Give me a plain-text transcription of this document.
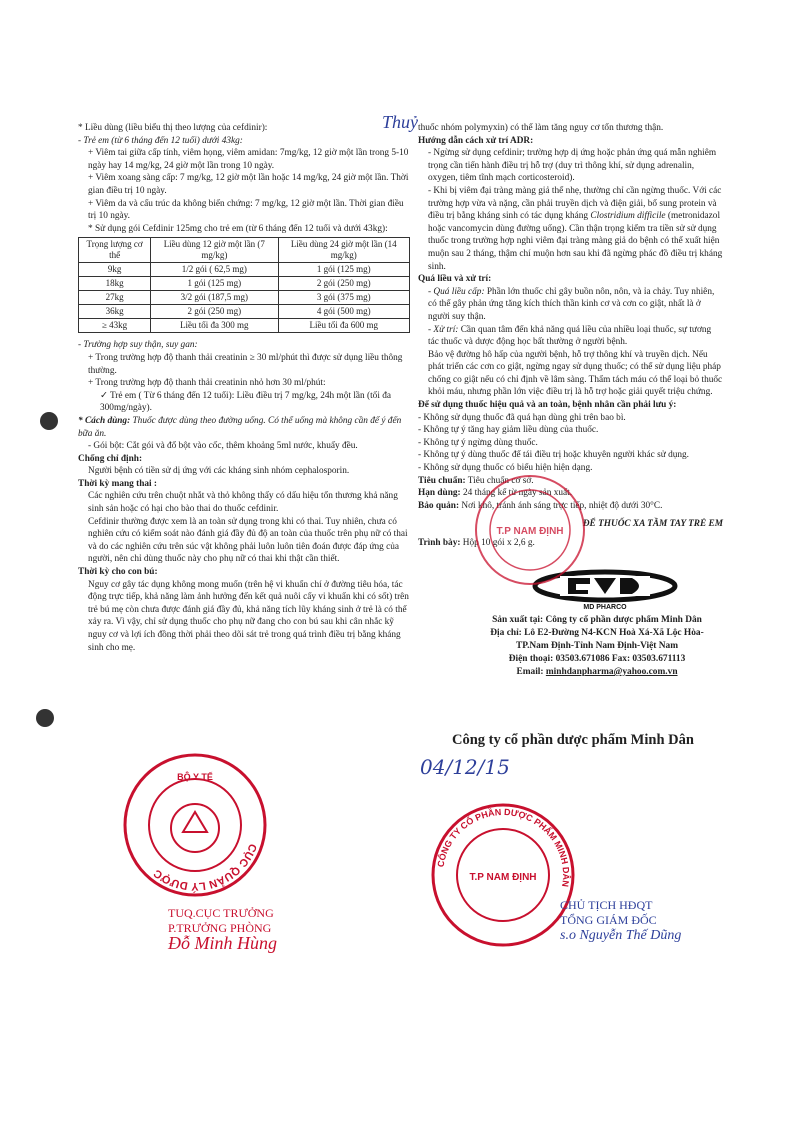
Thuỷ

* Liều dùng (liều biểu thị theo lượng của cefdinir):

- Trẻ em (từ 6 tháng đến 12 tuổi) dưới 43kg:

+ Viêm tai giữa cấp tính, viêm họng, viêm amidan: 7mg/kg, 12 giờ một lần trong 5-10 ngày hay 14 mg/kg, 24 giờ một lần trong 10 ngày.

+ Viêm xoang sàng cấp: 7 mg/kg, 12 giờ một lần hoặc 14 mg/kg, 24 giờ một lần. Thời gian điều trị 10 ngày.

+ Viêm da và cấu trúc da không biến chứng: 7 mg/kg, 12 giờ một lần. Thời gian điều trị 10 ngày.

* Sử dụng gói Cefdinir 125mg cho trẻ em (từ 6 tháng đến 12 tuổi và dưới 43kg):

Trọng lượng cơ thể	Liều dùng 12 giờ một lần (7 mg/kg)	Liều dùng 24 giờ một lần (14 mg/kg)
9kg	1/2 gói ( 62,5 mg)	1 gói (125 mg)
18kg	1 gói (125 mg)	2 gói (250 mg)
27kg	3/2 gói (187,5 mg)	3 gói (375 mg)
36kg	2 gói (250 mg)	4 gói (500 mg)
≥ 43kg	Liều tối đa 300 mg	Liều tối đa 600 mg

- Trường hợp suy thận, suy gan:

+ Trong trường hợp độ thanh thải creatinin ≥ 30 ml/phút thì được sử dụng liều thông thường.

+ Trong trường hợp độ thanh thải creatinin nhỏ hơn 30 ml/phút:

✓ Trẻ em ( Từ 6 tháng đến 12 tuổi): Liều điều trị 7 mg/kg, 24h một lần (tối đa 300mg/ngày).

* Cách dùng: Thuốc được dùng theo đường uống. Có thể uống mà không cần để ý đến bữa ăn.

- Gói bột: Cắt gói và đổ bột vào cốc, thêm khoảng 5ml nước, khuấy đều.

Chống chỉ định:

Người bệnh có tiền sử dị ứng với các kháng sinh nhóm cephalosporin.

Thời kỳ mang thai :

Các nghiên cứu trên chuột nhắt và thỏ không thấy có dấu hiệu tổn thương khả năng sinh sản hoặc có hại cho bào thai do thuốc cefdinir.

Cefdinir thường được xem là an toàn sử dụng trong khi có thai. Tuy nhiên, chưa có nghiên cứu có kiểm soát nào đánh giá đầy đủ độ an toàn của thuốc trên phụ nữ có thai và do các nghiên cứu trên súc vật không phải luôn luôn tiên đoán được đáp ứng của người, nên chỉ dùng thuốc này cho phụ nữ có thai khi thật cần thiết.

Thời kỳ cho con bú:

Nguy cơ gây tác dụng không mong muốn (trên hệ vi khuẩn chí ở đường tiêu hóa, tác động trực tiếp, khả năng làm ảnh hưởng đến kết quả nuôi cấy vi khuẩn khi có sốt) trên trẻ bú mẹ còn chưa được đánh giá đầy đủ, khả năng tích lũy kháng sinh ở trẻ là có thể xảy ra. Vì vậy, chỉ sử dụng thuốc cho phụ nữ đang cho con bú sau khi cân nhắc kỹ nguy cơ và lợi ích đồng thời phải theo dõi sát trẻ trong quá trình điều trị bằng kháng sinh cho mẹ.

thuốc nhóm polymyxin) có thể làm tăng nguy cơ tổn thương thận.

Hướng dẫn cách xử trí ADR:

- Ngừng sử dụng cefdinir; trường hợp dị ứng hoặc phản ứng quá mẫn nghiêm trọng cần tiến hành điều trị hỗ trợ (duy trì thông khí, sử dụng adrenalin, oxygen, tiêm tĩnh mạch corticosteroid).

- Khi bị viêm đại tràng màng giả thể nhẹ, thường chỉ cần ngừng thuốc. Với các trường hợp vừa và nặng, cần phải truyền dịch và điện giải, bổ sung protein và điều trị bằng kháng sinh có tác dụng kháng Clostridium difficile (metronidazol hoặc vancomycin dùng đường uống). Cần thận trọng kiểm tra tiền sử sử dụng thuốc trong trường hợp nghi viêm đại tràng màng giả do bệnh có thể xuất hiện muộn sau 2 tháng, thậm chí muộn hơn sau khi đã ngừng phác đồ điều trị kháng sinh.

Quá liều và xử trí:

- Quá liều cấp: Phần lớn thuốc chỉ gây buồn nôn, nôn, và ỉa chảy. Tuy nhiên, có thể gây phản ứng tăng kích thích thần kinh cơ và cơn co giật, nhất là ở người suy thận.

- Xử trí: Cần quan tâm đến khả năng quá liều của nhiều loại thuốc, sự tương tác thuốc và dược động học bất thường ở người bệnh.

Bảo vệ đường hô hấp của người bệnh, hỗ trợ thông khí và truyền dịch. Nếu phát triển các cơn co giật, ngừng ngay sử dụng thuốc; có thể sử dụng liệu pháp chống co giật nếu có chỉ định về lâm sàng. Thẩm tách máu có thể loại bỏ thuốc khỏi máu, nhưng phần lớn việc điều trị là hỗ trợ hoặc giải quyết triệu chứng.

Để sử dụng thuốc hiệu quả và an toàn, bệnh nhân cần phải lưu ý:

- Không sử dụng thuốc đã quá hạn dùng ghi trên bao bì.

- Không tự ý tăng hay giảm liều dùng của thuốc.

- Không tự ý ngừng dùng thuốc.

- Không tự ý dùng thuốc để tái điều trị hoặc khuyên người khác sử dụng.

- Không sử dụng thuốc có biểu hiện hiện dạng.

Tiêu chuẩn: Tiêu chuẩn cơ sở.

Hạn dùng: 24 tháng kể từ ngày sản xuất.

Bảo quản: Nơi khô, tránh ánh sáng trực tiếp, nhiệt độ dưới 30°C.

ĐỂ THUỐC XA TẦM TAY TRẺ EM

Trình bày: Hộp 10 gói x 2,6 g.

MD PHARCO
Sản xuất tại: Công ty cổ phần dược phẩm Minh Dân
Địa chỉ: Lô E2-Đường N4-KCN Hoà Xá-Xã Lộc Hòa-
TP.Nam Định-Tỉnh Nam Định-Việt Nam
Điện thoại: 03503.671086 Fax: 03503.671113
Email: minhdanpharma@yahoo.com.vn
T.P NAM ĐỊNH
Công ty cổ phần dược phẩm Minh Dân
04/12/15
CỤC QUẢN LÝ DƯỢC
BỘ Y TẾ
CÔNG TY CỔ PHẦN DƯỢC PHẨM MINH DÂN
T.P NAM ĐỊNH
TUQ.CỤC TRƯỞNG
P.TRƯỞNG PHÒNG
Đỗ Minh Hùng
CHỦ TỊCH HĐQT
TỔNG GIÁM ĐỐC
s.o Nguyễn Thế Dũng
